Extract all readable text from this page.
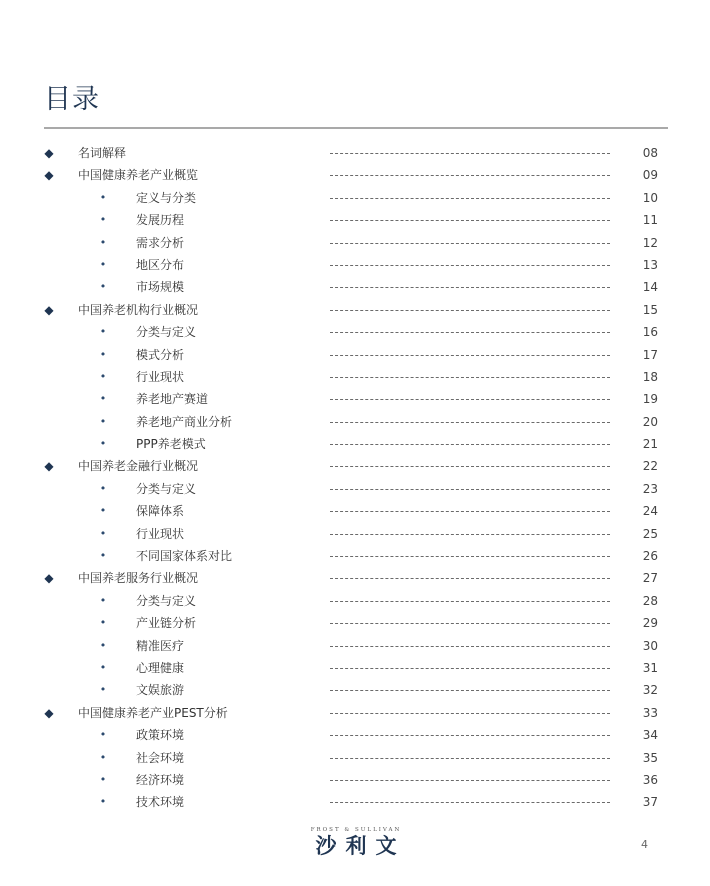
目录
◆ 名词解释	08
◆ 中国健康养老产业概览	09
•	定义与分类	10
•	发展历程	11
•	需求分析	12
•	地区分布	13
•	市场规模	14
◆ 中国养老机构行业概况	15
•	分类与定义	16
•	模式分析	17
•	行业现状	18
•	养老地产赛道	19
•	养老地产商业分析	20
•	PPP养老模式	21
◆ 中国养老金融行业概况	22
•	分类与定义	23
•	保障体系	24
•	行业现状	25
•	不同国家体系对比	26
◆ 中国养老服务行业概况	27
•	分类与定义	28
•	产业链分析	29
•	精准医疗	30
•	心理健康	31
•	文娱旅游	32
◆ 中国健康养老产业PEST分析	33
•	政策环境	34
•	社会环境	35
•	经济环境	36
•	技术环境	37
FROST & SULLIVAN
沙利文	4
